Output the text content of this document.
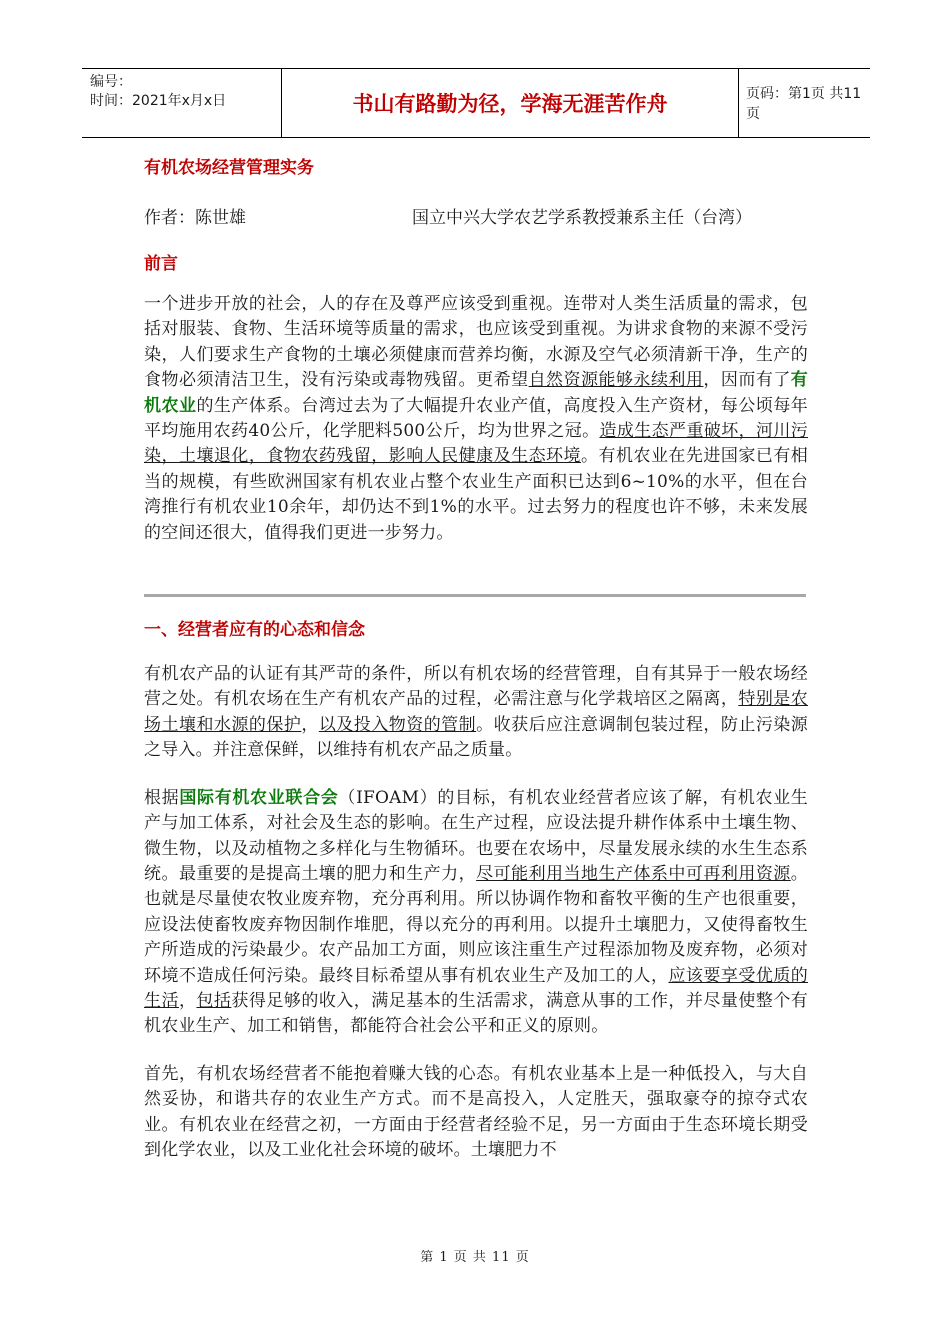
编号：
时间：2021年x月x日	书山有路勤为径，学海无涯苦作舟	页码：第1页 共11页
有机农场经营管理实务
作者：陈世雄	国立中兴大学农艺学系教授兼系主任（台湾）
前言
一个进步开放的社会，人的存在及尊严应该受到重视。连带对人类生活质量的需求，包括对服装、食物、生活环境等质量的需求，也应该受到重视。为讲求食物的来源不受污染，人们要求生产食物的土壤必须健康而营养均衡，水源及空气必须清新干净，生产的食物必须清洁卫生，没有污染或毒物残留。更希望自然资源能够永续利用，因而有了有机农业的生产体系。台湾过去为了大幅提升农业产值，高度投入生产资材，每公顷每年平均施用农药40公斤，化学肥料500公斤，均为世界之冠。造成生态严重破坏，河川污染，土壤退化，食物农药残留，影响人民健康及生态环境。有机农业在先进国家已有相当的规模，有些欧洲国家有机农业占整个农业生产面积已达到6~10%的水平，但在台湾推行有机农业10余年，却仍达不到1%的水平。过去努力的程度也许不够，未来发展的空间还很大，值得我们更进一步努力。
一、经营者应有的心态和信念
有机农产品的认证有其严苛的条件，所以有机农场的经营管理，自有其异于一般农场经营之处。有机农场在生产有机农产品的过程，必需注意与化学栽培区之隔离，特别是农场土壤和水源的保护，以及投入物资的管制。收获后应注意调制包装过程，防止污染源之导入。并注意保鲜，以维持有机农产品之质量。
根据国际有机农业联合会（IFOAM）的目标，有机农业经营者应该了解，有机农业生产与加工体系，对社会及生态的影响。在生产过程，应设法提升耕作体系中土壤生物、微生物，以及动植物之多样化与生物循环。也要在农场中，尽量发展永续的水生生态系统。最重要的是提高土壤的肥力和生产力，尽可能利用当地生产体系中可再利用资源。也就是尽量使农牧业废弃物，充分再利用。所以协调作物和畜牧平衡的生产也很重要，应设法使畜牧废弃物因制作堆肥，得以充分的再利用。以提升土壤肥力，又使得畜牧生产所造成的污染最少。农产品加工方面，则应该注重生产过程添加物及废弃物，必须对环境不造成任何污染。最终目标希望从事有机农业生产及加工的人，应该要享受优质的生活，包括获得足够的收入，满足基本的生活需求，满意从事的工作，并尽量使整个有机农业生产、加工和销售，都能符合社会公平和正义的原则。
首先，有机农场经营者不能抱着赚大钱的心态。有机农业基本上是一种低投入，与大自然妥协，和谐共存的农业生产方式。而不是高投入，人定胜天，强取豪夺的掠夺式农业。有机农业在经营之初，一方面由于经营者经验不足，另一方面由于生态环境长期受到化学农业，以及工业化社会环境的破坏。土壤肥力不
第 1 页 共 11 页
